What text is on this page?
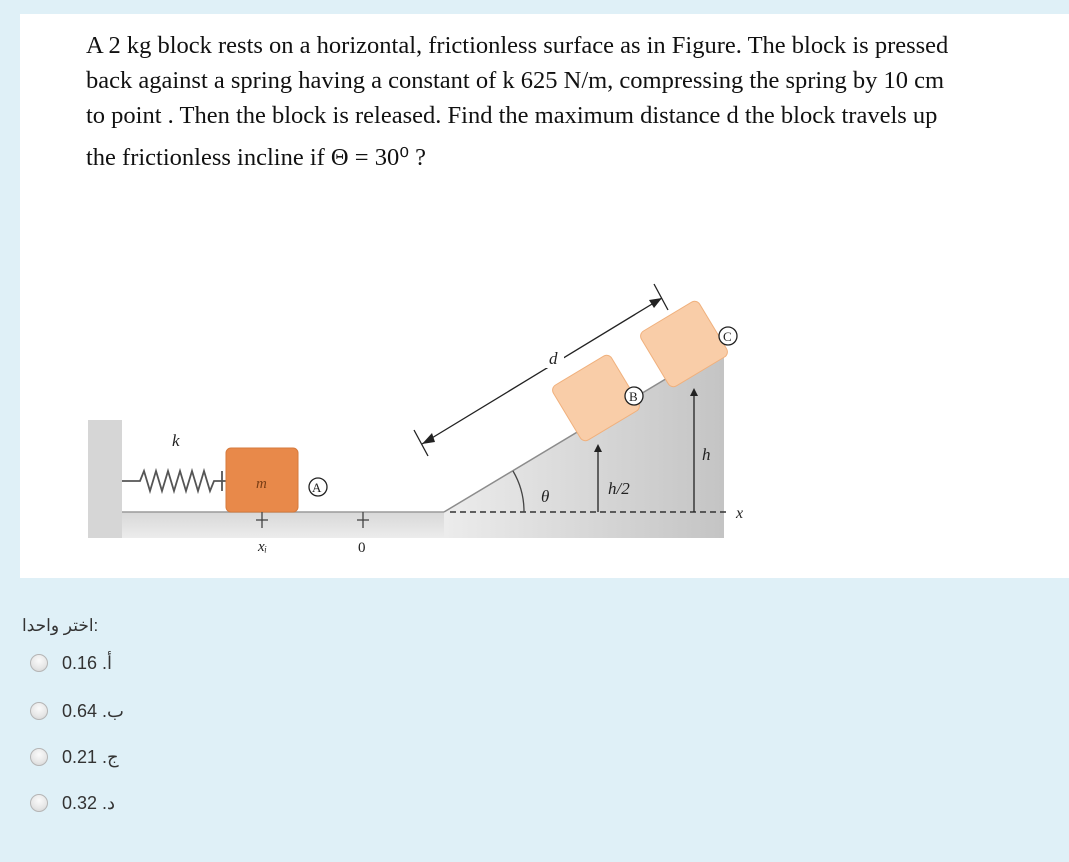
A 2 kg block rests on a horizontal, frictionless surface as in Figure. The block is pressed
back against a spring having a constant of k 625 N/m, compressing the spring by 10 cm
to point . Then the block is released. Find the maximum distance d the block travels up
the frictionless incline if Θ = 30⁰ ?

x
k
m	A
xᵢ	0
θ
B
C
h/2
h
d
:اختر واحدا
0.16 أ.
0.64 ب.
0.21 ج.
0.32 د.
